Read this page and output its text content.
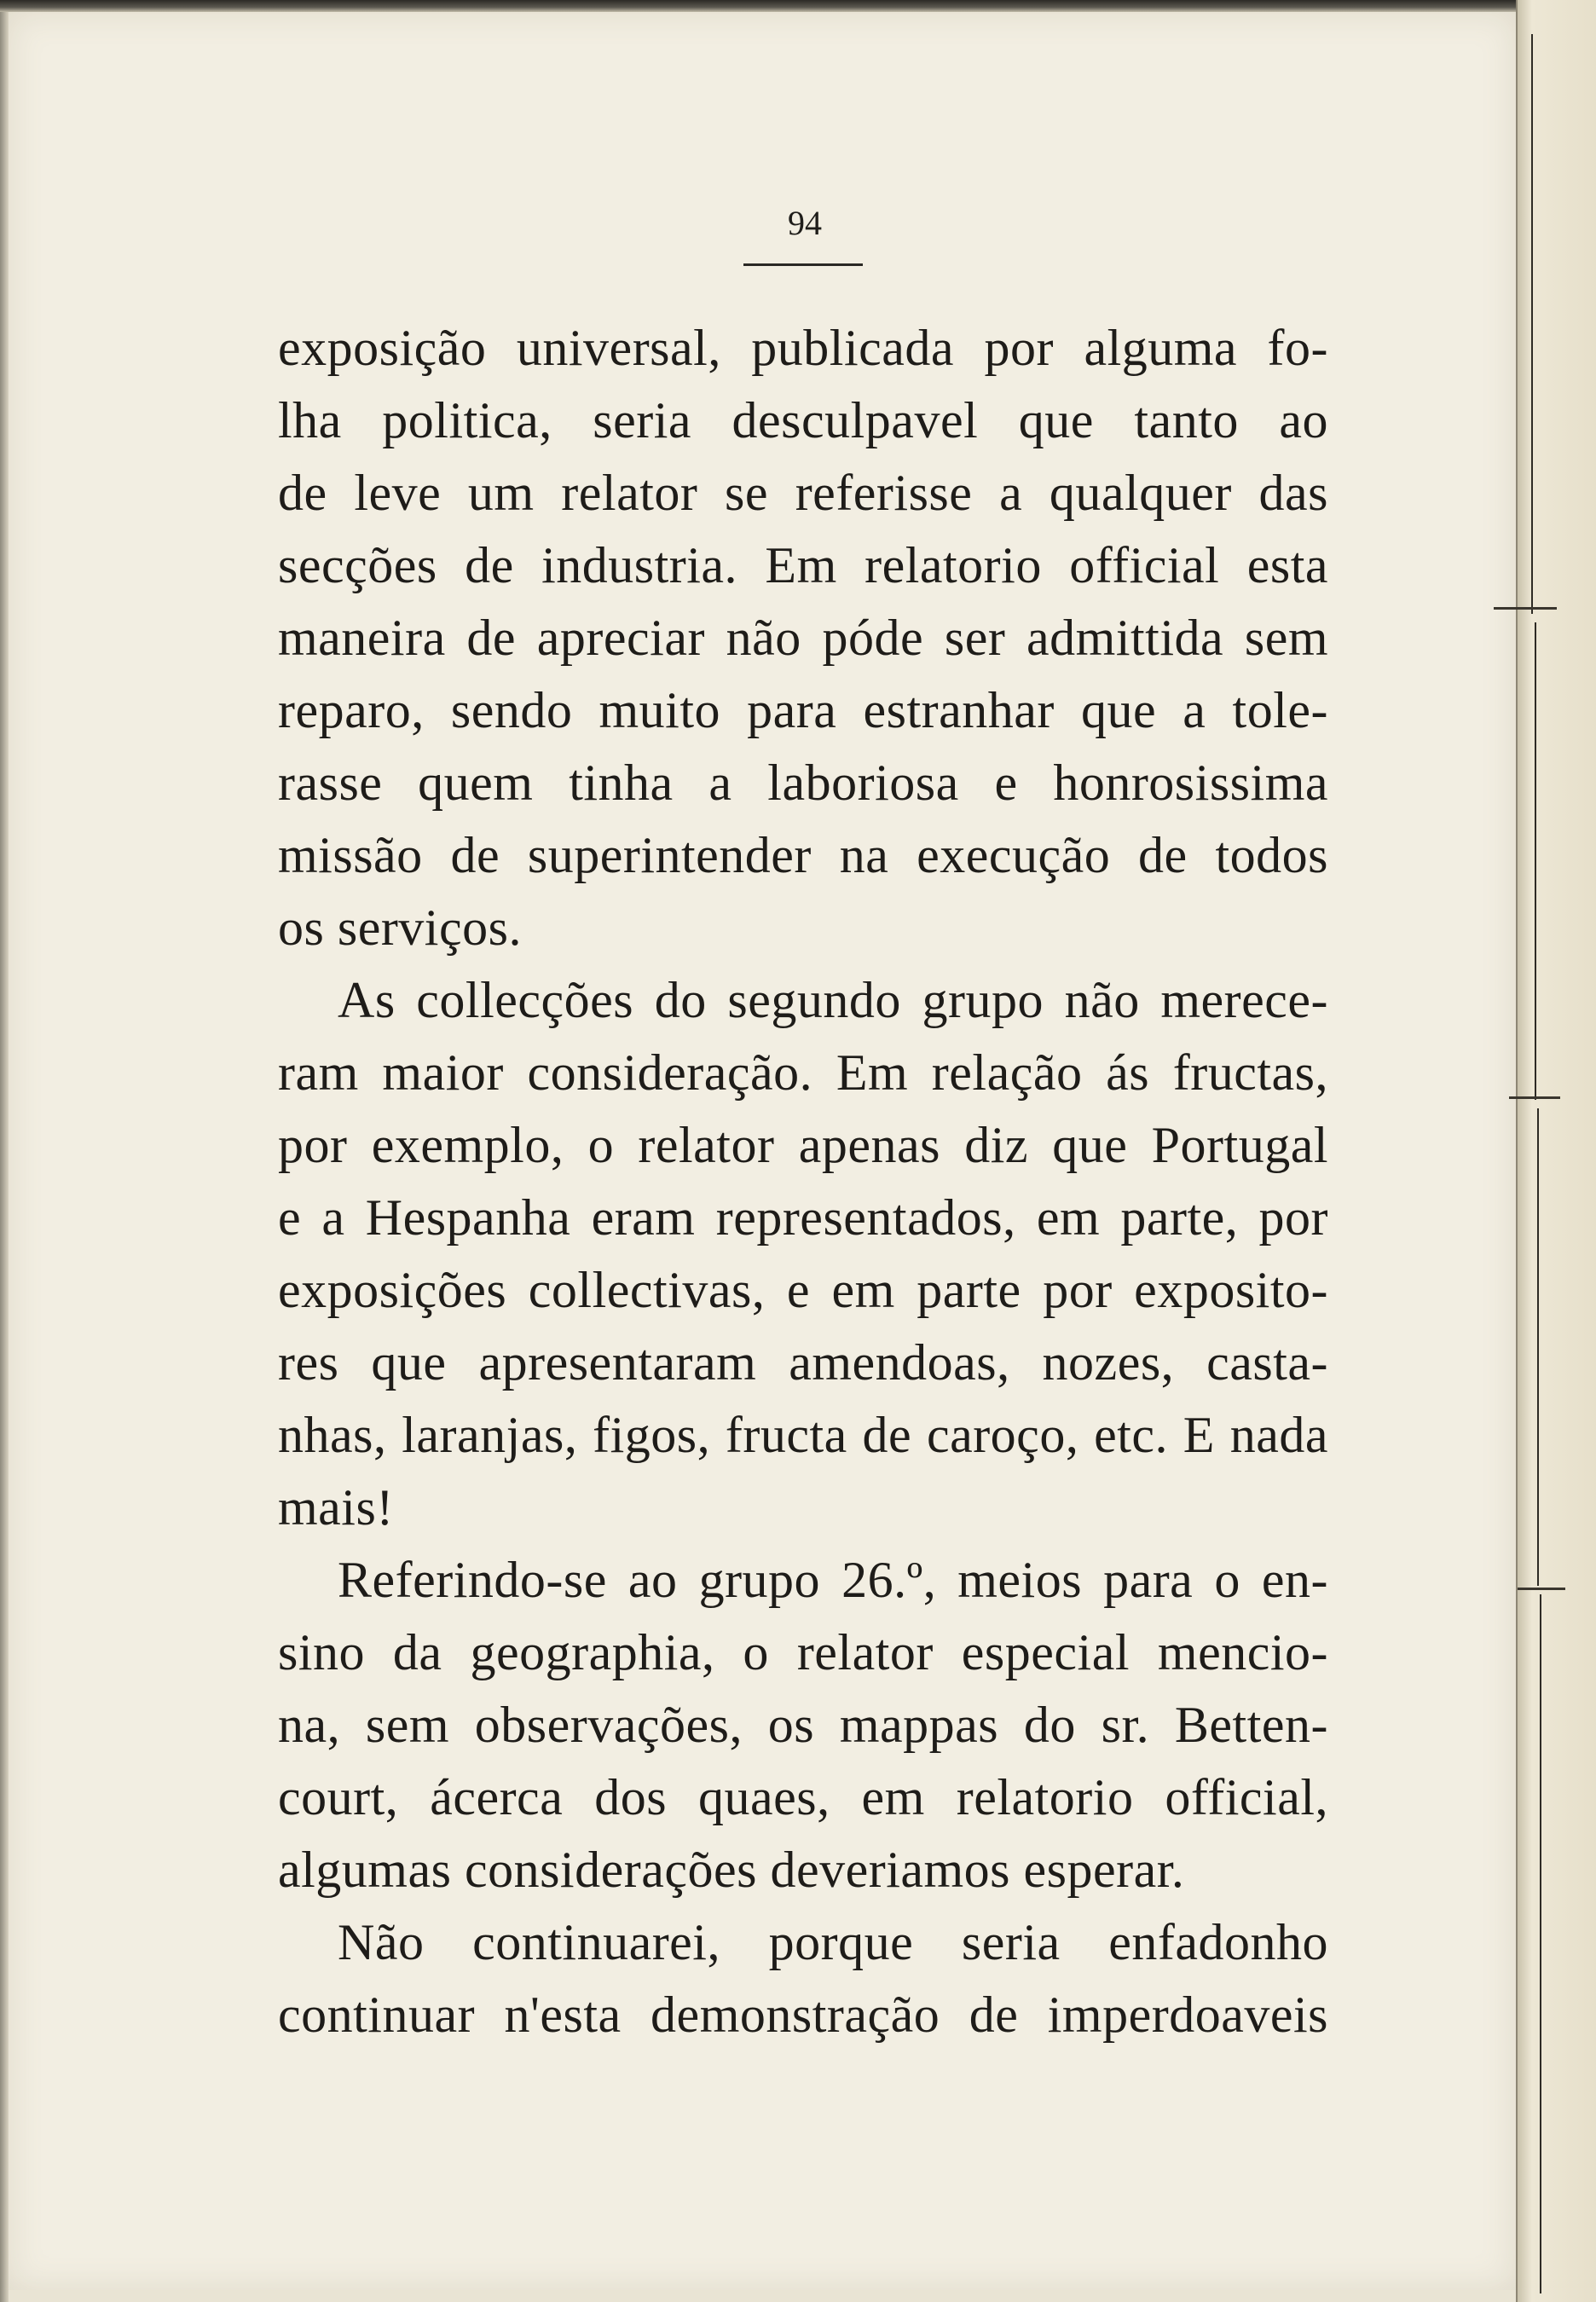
94
exposição universal, publicada por alguma fo-
lha politica, seria desculpavel que tanto ao
de leve um relator se referisse a qualquer das
secções de industria. Em relatorio official esta
maneira de apreciar não póde ser admittida sem
reparo, sendo muito para estranhar que a tole-
rasse quem tinha a laboriosa e honrosissima
missão de superintender na execução de todos
os serviços.
As collecções do segundo grupo não merece-
ram maior consideração. Em relação ás fructas,
por exemplo, o relator apenas diz que Portugal
e a Hespanha eram representados, em parte, por
exposições collectivas, e em parte por exposito-
res que apresentaram amendoas, nozes, casta-
nhas, laranjas, figos, fructa de caroço, etc. E nada
mais!
Referindo-se ao grupo 26.º, meios para o en-
sino da geographia, o relator especial mencio-
na, sem observações, os mappas do sr. Betten-
court, ácerca dos quaes, em relatorio official,
algumas considerações deveriamos esperar.
Não continuarei, porque seria enfadonho
continuar n'esta demonstração de imperdoaveis
